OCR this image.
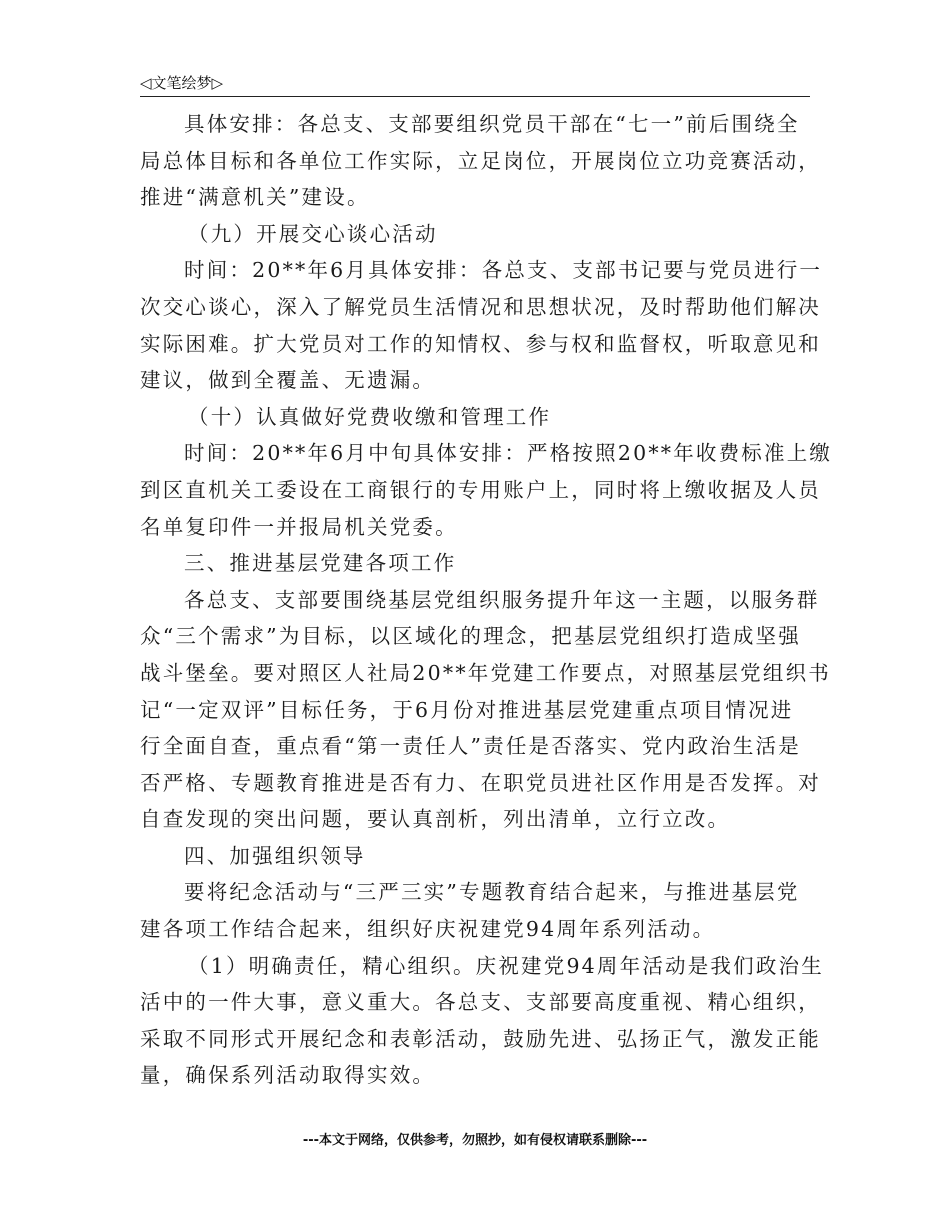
◁文笔绘梦▷
具体安排：各总支、支部要组织党员干部在“七一”前后围绕全
局总体目标和各单位工作实际，立足岗位，开展岗位立功竞赛活动，
推进“满意机关”建设。
（九）开展交心谈心活动
时间：20**年6月具体安排：各总支、支部书记要与党员进行一
次交心谈心，深入了解党员生活情况和思想状况，及时帮助他们解决
实际困难。扩大党员对工作的知情权、参与权和监督权，听取意见和
建议，做到全覆盖、无遗漏。
（十）认真做好党费收缴和管理工作
时间：20**年6月中旬具体安排：严格按照20**年收费标准上缴
到区直机关工委设在工商银行的专用账户上，同时将上缴收据及人员
名单复印件一并报局机关党委。
三、推进基层党建各项工作
各总支、支部要围绕基层党组织服务提升年这一主题，以服务群
众“三个需求”为目标，以区域化的理念，把基层党组织打造成坚强
战斗堡垒。要对照区人社局20**年党建工作要点，对照基层党组织书
记“一定双评”目标任务，于6月份对推进基层党建重点项目情况进
行全面自查，重点看“第一责任人”责任是否落实、党内政治生活是
否严格、专题教育推进是否有力、在职党员进社区作用是否发挥。对
自查发现的突出问题，要认真剖析，列出清单，立行立改。
四、加强组织领导
要将纪念活动与“三严三实”专题教育结合起来，与推进基层党
建各项工作结合起来，组织好庆祝建党94周年系列活动。
（1）明确责任，精心组织。庆祝建党94周年活动是我们政治生
活中的一件大事，意义重大。各总支、支部要高度重视、精心组织，
采取不同形式开展纪念和表彰活动，鼓励先进、弘扬正气，激发正能
量，确保系列活动取得实效。
---本文于网络，仅供参考，勿照抄，如有侵权请联系删除---
